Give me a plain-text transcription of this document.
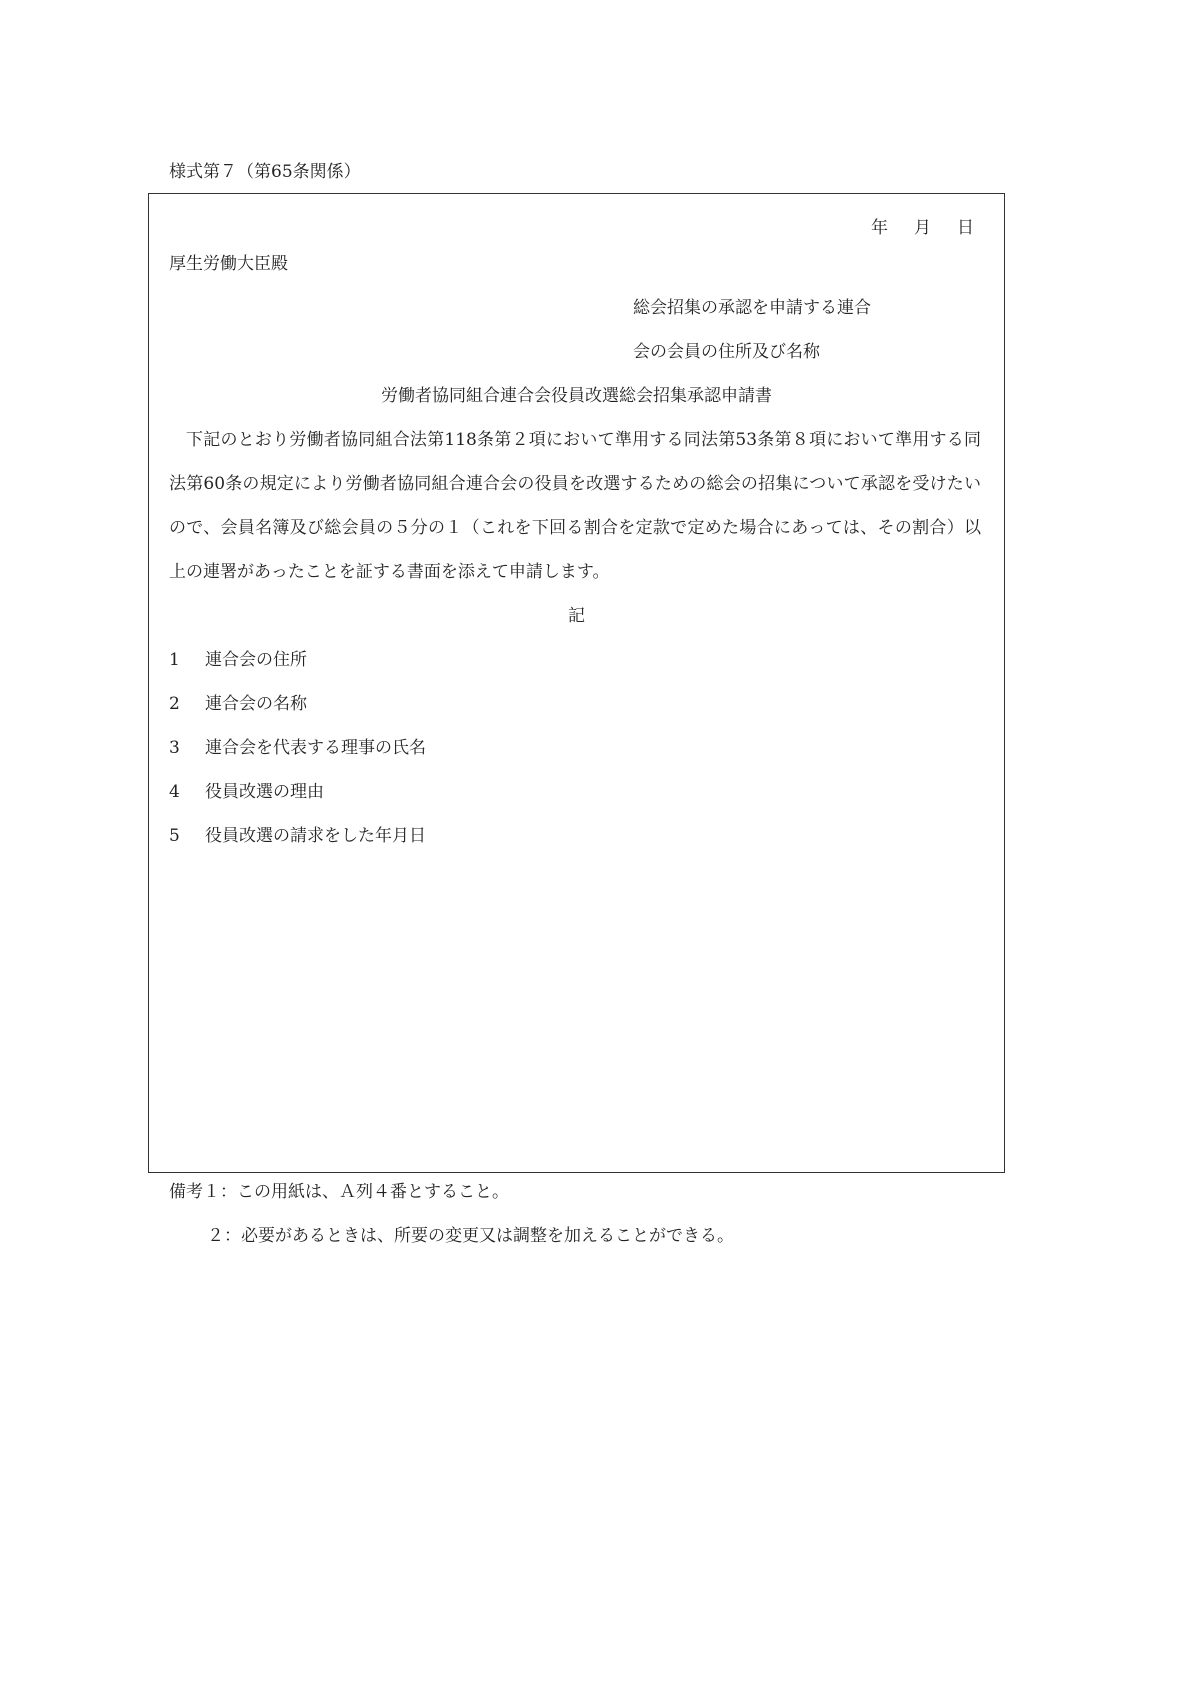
様式第７（第65条関係）
年 月 日
厚生労働大臣殿
総会招集の承認を申請する連合
会の会員の住所及び名称
労働者協同組合連合会役員改選総会招集承認申請書
下記のとおり労働者協同組合法第118条第２項において準用する同法第53条第８項において準用する同法第60条の規定により労働者協同組合連合会の役員を改選するための総会の招集について承認を受けたいので、会員名簿及び総会員の５分の１（これを下回る割合を定款で定めた場合にあっては、その割合）以上の連署があったことを証する書面を添えて申請します。
記
1 連合会の住所
2 連合会の名称
3 連合会を代表する理事の氏名
4 役員改選の理由
5 役員改選の請求をした年月日
備考１：この用紙は、Ａ列４番とすること。
２：必要があるときは、所要の変更又は調整を加えることができる。
